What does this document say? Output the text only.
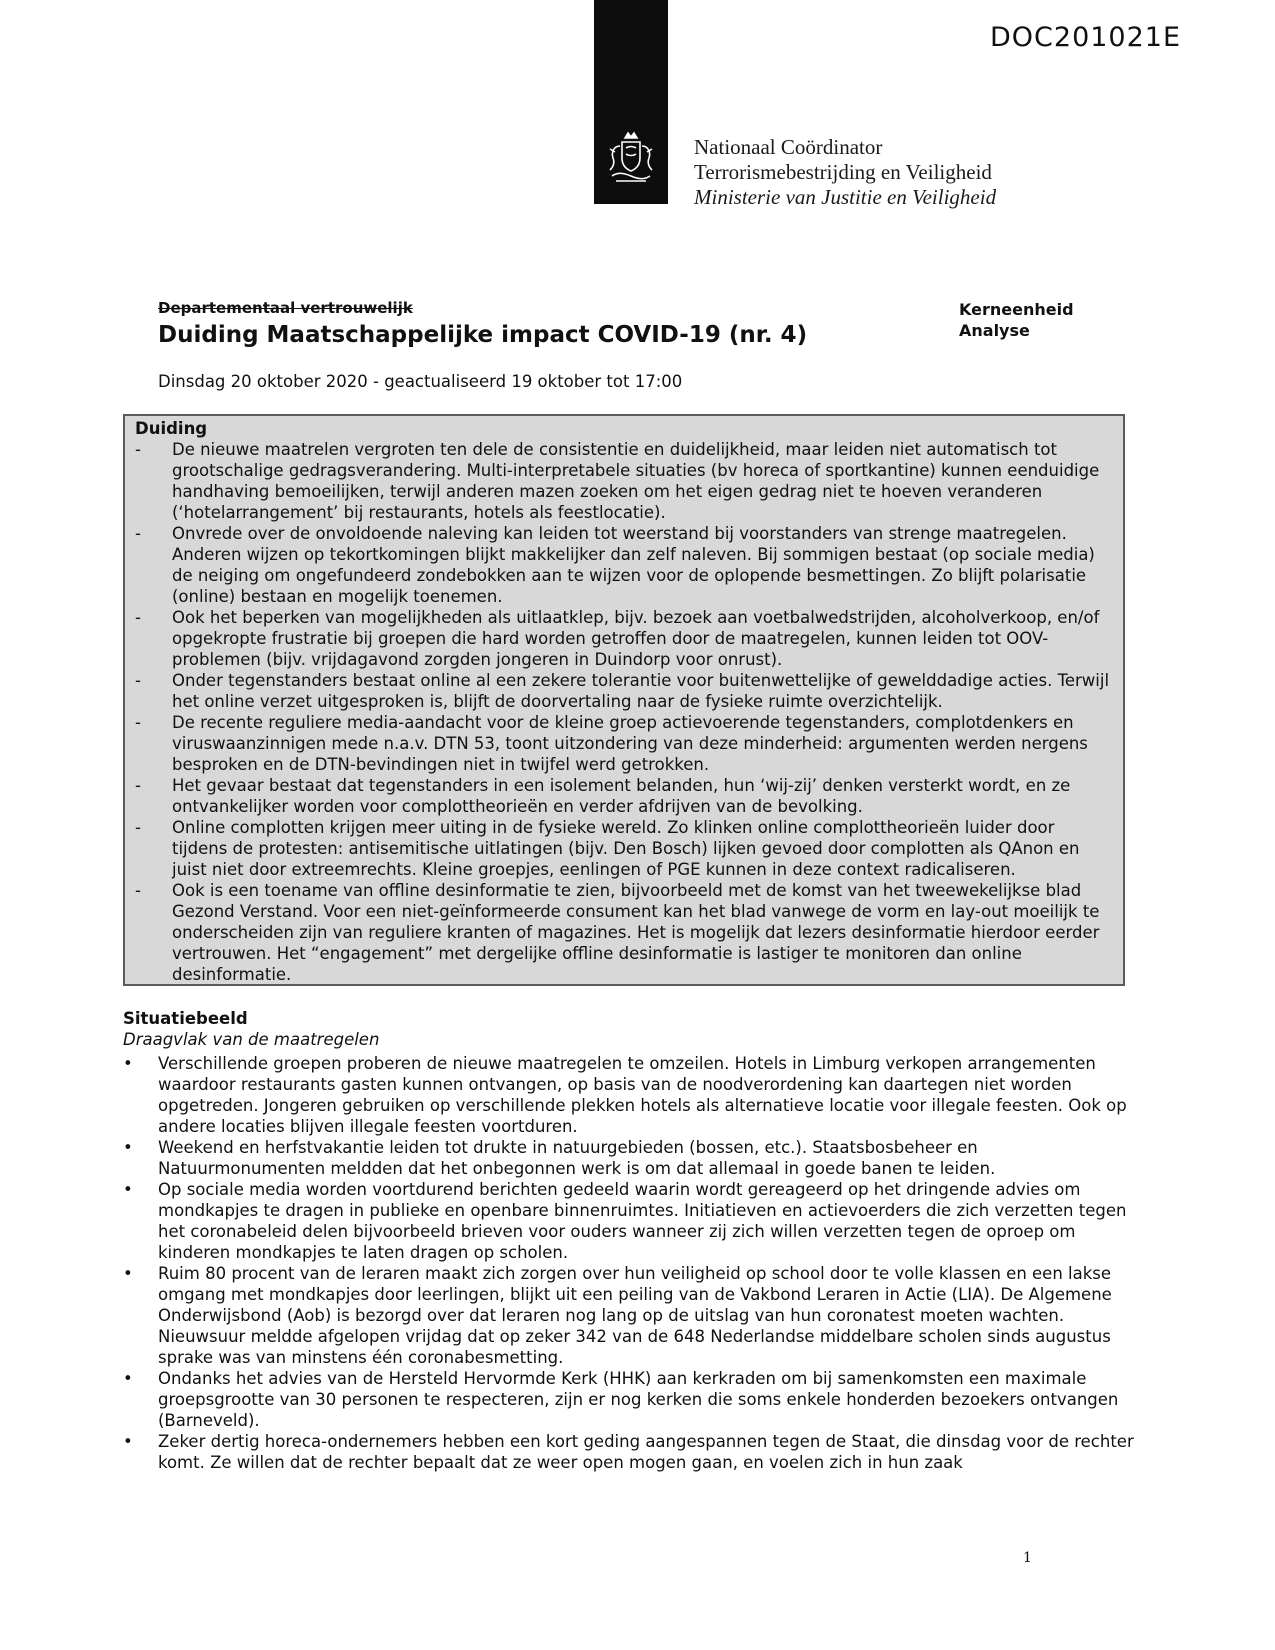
DOC201021E
Nationaal Coördinator
Terrorismebestrijding en Veiligheid
Ministerie van Justitie en Veiligheid
Departementaal vertrouwelijk
Duiding Maatschappelijke impact COVID-19 (nr. 4)
Kerneenheid
Analyse
Dinsdag 20 oktober 2020 - geactualiseerd 19 oktober tot 17:00
Duiding
- De nieuwe maatrelen vergroten ten dele de consistentie en duidelijkheid, maar leiden niet automatisch tot grootschalige gedragsverandering. Multi-interpretabele situaties (bv horeca of sportkantine) kunnen eenduidige handhaving bemoeilijken, terwijl anderen mazen zoeken om het eigen gedrag niet te hoeven veranderen (‘hotelarrangement’ bij restaurants, hotels als feestlocatie).
- Onvrede over de onvoldoende naleving kan leiden tot weerstand bij voorstanders van strenge maatregelen. Anderen wijzen op tekortkomingen blijkt makkelijker dan zelf naleven. Bij sommigen bestaat (op sociale media) de neiging om ongefundeerd zondebokken aan te wijzen voor de oplopende besmettingen. Zo blijft polarisatie (online) bestaan en mogelijk toenemen.
- Ook het beperken van mogelijkheden als uitlaatklep, bijv. bezoek aan voetbalwedstrijden, alcoholverkoop, en/of opgekropte frustratie bij groepen die hard worden getroffen door de maatregelen, kunnen leiden tot OOV-problemen (bijv. vrijdagavond zorgden jongeren in Duindorp voor onrust).
- Onder tegenstanders bestaat online al een zekere tolerantie voor buitenwettelijke of gewelddadige acties. Terwijl het online verzet uitgesproken is, blijft de doorvertaling naar de fysieke ruimte overzichtelijk.
- De recente reguliere media-aandacht voor de kleine groep actievoerende tegenstanders, complotdenkers en viruswaanzinnigen mede n.a.v. DTN 53, toont uitzondering van deze minderheid: argumenten werden nergens besproken en de DTN-bevindingen niet in twijfel werd getrokken.
- Het gevaar bestaat dat tegenstanders in een isolement belanden, hun ‘wij-zij’ denken versterkt wordt, en ze ontvankelijker worden voor complottheorieën en verder afdrijven van de bevolking.
- Online complotten krijgen meer uiting in de fysieke wereld. Zo klinken online complottheorieën luider door tijdens de protesten: antisemitische uitlatingen (bijv. Den Bosch) lijken gevoed door complotten als QAnon en juist niet door extreemrechts. Kleine groepjes, eenlingen of PGE kunnen in deze context radicaliseren.
- Ook is een toename van offline desinformatie te zien, bijvoorbeeld met de komst van het tweewekelijkse blad Gezond Verstand. Voor een niet-geïnformeerde consument kan het blad vanwege de vorm en lay-out moeilijk te onderscheiden zijn van reguliere kranten of magazines. Het is mogelijk dat lezers desinformatie hierdoor eerder vertrouwen. Het “engagement” met dergelijke offline desinformatie is lastiger te monitoren dan online desinformatie.
Situatiebeeld
Draagvlak van de maatregelen
• Verschillende groepen proberen de nieuwe maatregelen te omzeilen. Hotels in Limburg verkopen arrangementen waardoor restaurants gasten kunnen ontvangen, op basis van de noodverordening kan daartegen niet worden opgetreden. Jongeren gebruiken op verschillende plekken hotels als alternatieve locatie voor illegale feesten. Ook op andere locaties blijven illegale feesten voortduren.
• Weekend en herfstvakantie leiden tot drukte in natuurgebieden (bossen, etc.). Staatsbosbeheer en Natuurmonumenten meldden dat het onbegonnen werk is om dat allemaal in goede banen te leiden.
• Op sociale media worden voortdurend berichten gedeeld waarin wordt gereageerd op het dringende advies om mondkapjes te dragen in publieke en openbare binnenruimtes. Initiatieven en actievoerders die zich verzetten tegen het coronabeleid delen bijvoorbeeld brieven voor ouders wanneer zij zich willen verzetten tegen de oproep om kinderen mondkapjes te laten dragen op scholen.
• Ruim 80 procent van de leraren maakt zich zorgen over hun veiligheid op school door te volle klassen en een lakse omgang met mondkapjes door leerlingen, blijkt uit een peiling van de Vakbond Leraren in Actie (LIA). De Algemene Onderwijsbond (Aob) is bezorgd over dat leraren nog lang op de uitslag van hun coronatest moeten wachten. Nieuwsuur meldde afgelopen vrijdag dat op zeker 342 van de 648 Nederlandse middelbare scholen sinds augustus sprake was van minstens één coronabesmetting.
• Ondanks het advies van de Hersteld Hervormde Kerk (HHK) aan kerkraden om bij samenkomsten een maximale groepsgrootte van 30 personen te respecteren, zijn er nog kerken die soms enkele honderden bezoekers ontvangen (Barneveld).
• Zeker dertig horeca-ondernemers hebben een kort geding aangespannen tegen de Staat, die dinsdag voor de rechter komt. Ze willen dat de rechter bepaalt dat ze weer open mogen gaan, en voelen zich in hun zaak
1
